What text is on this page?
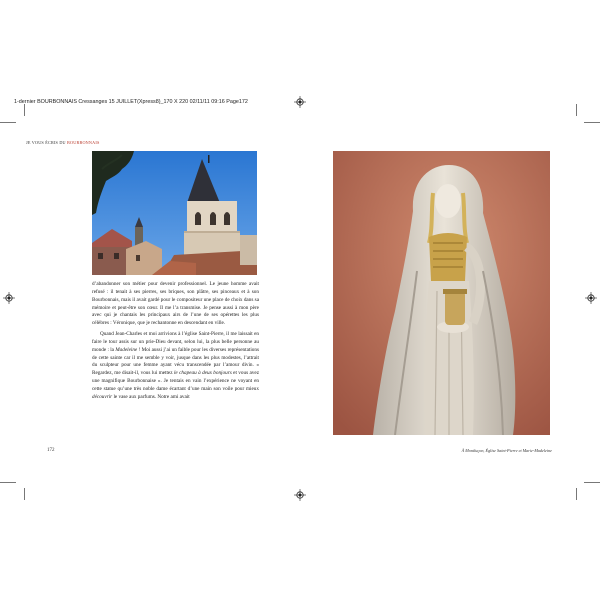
1-dernier BOURBONNAIS Cressanges 15 JUILLET(Xpress8)_170 X 220 02/11/11 09:16 Page172
JE VOUS ÉCRIS DU BOURBONNAIS

d’abandonner son métier pour devenir professionnel. Le jeune homme avait refusé : il tenait à ses pierres, ses briques, son plâtre, ses pinceaux et à son Bourbonnais, mais il avait gardé pour le compositeur une place de choix dans sa mémoire et peut-être son cœur. Il me l’a transmise. Je pense aussi à mon père avec qui je chantais les principaux airs de l’une de ses opérettes les plus célèbres : Véronique, que je rechantonne en descendant en ville.

Quand Jean-Charles et moi arrivions à l’église Saint-Pierre, il me laissait en faire le tour assis sur un prie-Dieu devant, selon lui, la plus belle personne au monde : la Madeleine ! Moi aussi j’ai un faible pour les diverses représentations de cette sainte car il me semble y voir, jusque dans les plus modestes, l’attrait du sculpteur pour une femme ayant vécu transcendée par l’amour divin. « Regardez, me disait-il, vous lui mettez le chapeau à deux bonjours et vous avez une magnifique Bourbonnaise ». Je tentais en vain l’expérience ne voyant en cette statue qu’une très noble dame écartant d’une main son voile pour mieux découvrir le vase aux parfums. Notre ami avait

172	À Montluçon, Église Saint-Pierre et Marie-Madeleine
